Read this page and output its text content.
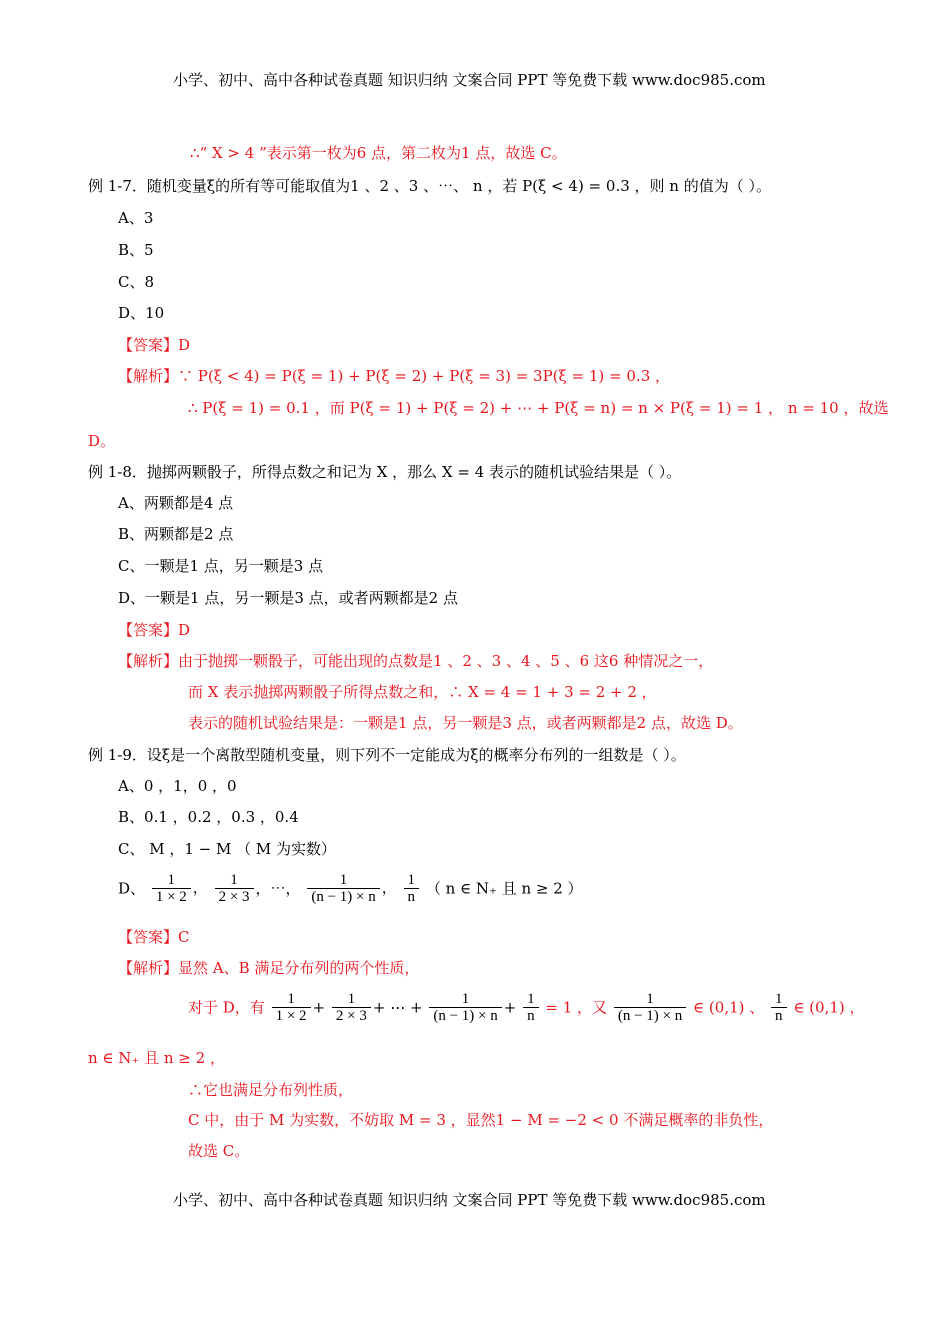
小学、初中、高中各种试卷真题 知识归纳 文案合同 PPT 等免费下载 www.doc985.com
∴“ X > 4 ”表示第一枚为6 点，第二枚为1 点，故选 C。
例 1-7．随机变量ξ的所有等可能取值为1 、2 、3 、⋯、 n ，若 P(ξ < 4) = 0.3 ，则 n 的值为（ ）。
A、3
B、5
C、8
D、10
【答案】D
【解析】∵ P(ξ < 4) = P(ξ = 1) + P(ξ = 2) + P(ξ = 3) = 3P(ξ = 1) = 0.3 ，
∴ P(ξ = 1) = 0.1 ，而 P(ξ = 1) + P(ξ = 2) + ⋯ + P(ξ = n) = n × P(ξ = 1) = 1 ， n = 10 ，故选
D。
例 1-8．抛掷两颗骰子，所得点数之和记为 X ，那么 X = 4 表示的随机试验结果是（ ）。
A、两颗都是4 点
B、两颗都是2 点
C、一颗是1 点，另一颗是3 点
D、一颗是1 点，另一颗是3 点，或者两颗都是2 点
【答案】D
【解析】由于抛掷一颗骰子，可能出现的点数是1 、2 、3 、4 、5 、6 这6 种情况之一，
而 X 表示抛掷两颗骰子所得点数之和，∴ X = 4 = 1 + 3 = 2 + 2 ，
表示的随机试验结果是：一颗是1 点，另一颗是3 点，或者两颗都是2 点，故选 D。
例 1-9．设ξ是一个离散型随机变量，则下列不一定能成为ξ的概率分布列的一组数是（ ）。
A、0 ，1，0 ，0
B、0.1 ，0.2 ，0.3 ，0.4
C、 M ，1 − M （ M 为实数）
D、 $\frac{1}{1 \times 2}$ ， $\frac{1}{2 \times 3}$ ，⋯， $\frac{1}{(n - 1) \times n}$ ， $\frac{1}{n}$ （ n ∈ N₊ 且 n ≥ 2 ）
【答案】C
【解析】显然 A、B 满足分布列的两个性质，
对于 D，有 $\frac{1}{1 \times 2} + \frac{1}{2 \times 3}$ + ⋯ + $\frac{1}{(n - 1) \times n} + \frac{1}{n} = 1$ ，又 $\frac{1}{(n - 1) \times n}$ ∈ (0,1) 、 $\frac{1}{n}$ ∈ (0,1) ，
n ∈ N₊ 且 n ≥ 2 ，
∴它也满足分布列性质，
C 中，由于 M 为实数，不妨取 M = 3 ，显然1 − M = −2 < 0 不满足概率的非负性，
故选 C。
小学、初中、高中各种试卷真题 知识归纳 文案合同 PPT 等免费下载 www.doc985.com
